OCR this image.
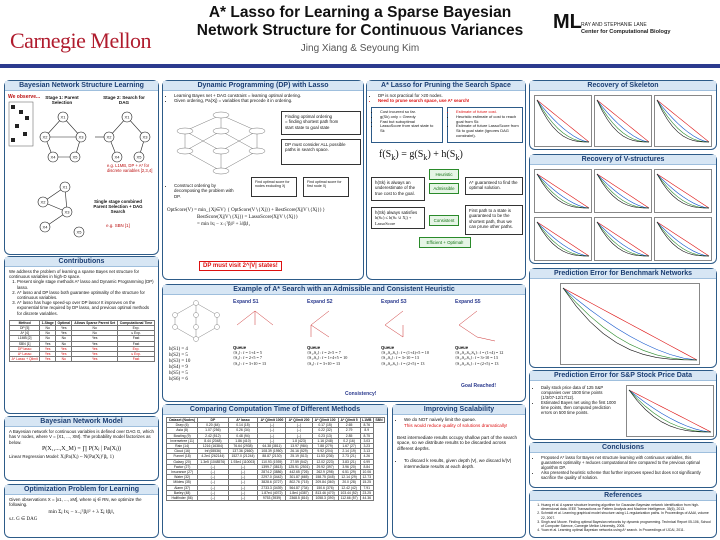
Carnegie Mellon
A* Lasso for Learning a Sparse Bayesian
Network Structure for Continuous Variances
Jing Xiang & Seyoung Kim
ML RAY AND STEPHANIE LANE
Center for Computational Biology
Bayesian Network Structure Learning
We observe...	Stage 1: Parent Selection
Stage 2: Search for DAG
X1
X2	X3
X4	X5
X1
X2	X3
X4	X5
X1
X2
X3
X4
X5
e.g. L1MB, DP + A* for discrete variables [2,3,4]
Single stage combined Parent Selection + DAG Search
e.g. SBN [1]
Contributions
We address the problem of learning a sparse Bayes net structure for continuous variables in high-D space.
1. Present single stage methods A* lasso and Dynamic Programming (DP) lasso.
2. A* lasso and DP lasso both guarantee optimality of the structure for continuous variables.
3. A* lasso has huge speed-up over DP lasso! It improves on the exponential time required by DP lasso, and previous optimal methods for discrete variables.
Method	1-Stage	Optimal	Allows Sparse Parent Set	Computational Time
DP [5]	No	Yes	No	Exp.
A* [4]	No	Yes	No	≤ Exp.
L1MB [2]	No	No	Yes	Fast
SBN [1]	Yes	No	Yes	Fast
DP lasso	Yes	Yes	Yes	Exp.
A* Lasso	Yes	Yes	Yes	≤ Exp.
A* Lasso + Qlimit	Yes	No	Yes	Fast
Bayesian Network Model
A Bayesian network for continuous variables is defined over DAG G, which has V nodes, where V = {X1, ..., XM}. The probability model factorizes as below.
P(X₁,...,X_M) = ∏ P(Xⱼ | Pa(Xⱼ))
Linear Regression Model: Xⱼ|Pa(Xⱼ) ~ N(Pa(Xⱼ)ᵀβⱼ, 1)
Optimization Problem for Learning
Given observations X = [x1, ..., xM], where xj ∈ RN, we optimize the following.
min Σⱼ ‖xⱼ − x₋ⱼᵀβⱼ‖² + λ Σⱼ ‖βⱼ‖₁
s.t. G ∈ DAG
Dynamic Programming (DP) with Lasso
• Learning Bayes net + DAG constraint = learning optimal ordering.
• Given ordering, Pa(Xj) = variables that precede it in ordering.
Finding optimal ordering
= finding shortest path from
start state to goal state
DP must consider ALL possible paths in search space.
• Construct ordering by decomposing the problem with DP.
Find optimal score for nodes excluding Xj
Find optimal score for first node Xj
OptScore(V) = min_{Xj∈V} { OptScore(V∖{Xj}) + BestScore(Xj|V∖{Xj}) }
BestScore(Xj|V∖{Xj}) = LassoScore(Xj|V∖{Xj})
= min ‖xⱼ − x₋ⱼᵀβⱼ‖² + λ‖βⱼ‖₁
DP must visit 2^|V| states!
A* Lasso for Pruning the Search Space
• DP is not practical for >20 nodes.
• Need to prune search space, use A* search!
• Cost incurred so far.
• g(Sk) only = Greedy
• Fast but suboptimal
• LassoScore from start state to Sk
• Estimate of future cost.
• Heuristic estimate of cost to reach goal from Sk
• Estimate of future LassoScore from Sk to goal state (ignores DAG constraint).
$f(S_k) = g(S_k) + h(S_k)$
Heuristic
Admissible
h(Sk) is always an underestimate of the true cost to the goal.
A* guaranteed to find the optimal solution.
h(Sk) always satisfies
h(Sₖ) ≤ h(Sₖ ∪ Xⱼ) + LassoScore
Consistent
First path to a state is guaranteed to be the shortest path, thus we can prune other paths.
Efficient + Optimal!
Example of A* Search with an Admissible and Consistent Heuristic
h(S1) = 4
h(S2) = 5
h(S3) = 10
h(S4) = 9
h(S5) = 5
h(S6) = 6
Expand S1	Expand S2	Expand S3	Expand S5
Queue
{S₁}: f = 1+4 = 5
{S₂}: f = 2+5 = 7
{S₃}: f = 3+10 = 13
Queue
{S₁,S₂}: f = 2+5 = 7
{S₁,S₃}: f = 1+4+5 = 10
{S₃}: f = 3+10 = 13
Queue
{S₁,S₂,S₃}: f = (1+4)+5 = 10
{S₁,S₃}: f = 3+10 = 13
{S₁,S₂,S₅}: f = (2+5) = 13
Queue
{S₁,S₂,S₅,S₆}: f = (1+4) = 12
{S₁,S₂,S₃}: f = 3+10 = 13
{S₁,S₂,S₅}: f = (2+5) = 13
Consistency!
Goal Reached!
Comparing Computation Time of Different Methods
Dataset (Nodes)	DP	A* lasso	A* Qlimit 1000	A* Qlimit 200	A* Qlimit 100	A* Qlimit 5	L1MB	SBN
Dsep (6)	0.20 (64)	0.14 (15)	(--)	(--)	0.17 (15)	2.65	8.76	
Asia (8)	1.07 (256)	0.26 (34)	(--)	(--)	0.22 (32)	2.79	8.9	
Bowling (9)	2.42 (512)	0.48 (94)	(--)	(--)	0.23 (13)	2.85	8.75	
Inversetree (11)	8.44 (2048)	1.86 (410)	(--)	1.8 (423)	1.16 (248)	0.2 (16)	3.03	
Rain (14)	1216 (16384)	76.64 (2938)	64.38 (3811)	13.97 (984)	7.88 (279)	1.67 (27)	3.23	
Cloud (16)	Inf (65536)	137.36 (2660)	108.39 (1950)	26.16 (529)	9.92 (204)	2.14 (19)	3.13	
Funnel (18)	4.2e4 (262144)	1527.0 (21244)	88.87 (2130)	25.19 (513)	11.53 (236)	2.73 (21)	4.26	
Galaxy (20)	1.3e5 (1048576)	1.93e4 (110003)	110.93 (1939)	27.59 (542)	12.02 (223)	3.83 (21)	6.99	
Factor (27)	(--)	(--)	1399.7 (3813)	125.91 (2501)	29.92 (397)	3.96 (20)	8.84	
Insurance (27)	(--)	(--)	2874.2 (3886)	442.65 (726)	262.9 (298)	6.51 (29)	10.06	
Water (32)	(--)	(--)	2297.0 (3442)	301.87 (665)	158.75 (345)	12.14 (29)	12.73	
Mildew (35)	(--)	(--)	3828.6 (3727)	802.76 (715)	209.84 (360)	20.0 (28)	15.25	
Alarm (37)	(--)	(--)	2733.3 (3439)	564.87 (734)	150.6 (376)	12.42 (42)	7.91	
Barley (48)	(--)	(--)	1.87e4 (4072)	1.8e4 (4387)	813.46 (470)	103.44 (52)	23.25	
Hailfinder (56)	(--)	(--)	9753 (3939)	2368.5 (816)	1058.3 (390)	112.66 (57)	44.36	
Improving Scalability
• We do NOT naively limit the queue.
This would reduce quality of solutions dramatically!
Best intermediate results occupy shallow part of the search space, so we distribute results to be discarded across different depths.
• To discard k results, given depth |V|, we discard k/|V| intermediate results at each depth.
Recovery of Skeleton
Recovery of V-structures
Prediction Error for Benchmark Networks
Prediction Error for S&P Stock Price Data
• Daily stock price data of 125 S&P companies over 1500 time points (1/3/07-12/17/12).
• Estimated Bayes net using the first 1000 time points, then computed prediction errors on 500 time points.
Conclusions
• Proposed A* lasso for Bayes net structure learning with continuous variables, this guarantees optimality + reduces computational time compared to the previous optimal algorithm DP.
• Also presented heuristic scheme that further improves speed but does not significantly sacrifice the quality of solution.
References
1. Huang et al. A sparse structure learning algorithm for Gaussian Bayesian network identification from high-dimensional data. IEEE Transactions on Pattern Analysis and Machine Intelligence, 35(6), 2013.
2. Schmidt et al. Learning graphical model structure using L1-regularization paths. In Proceedings of AAAI, volume 22, 2007.
3. Singh and Moore. Finding optimal Bayesian networks by dynamic programming. Technical Report 05-106, School of Computer Science, Carnegie Mellon University, 2005.
4. Yuan et al. Learning optimal Bayesian networks using A* search. In Proceedings of IJCAI, 2011.
